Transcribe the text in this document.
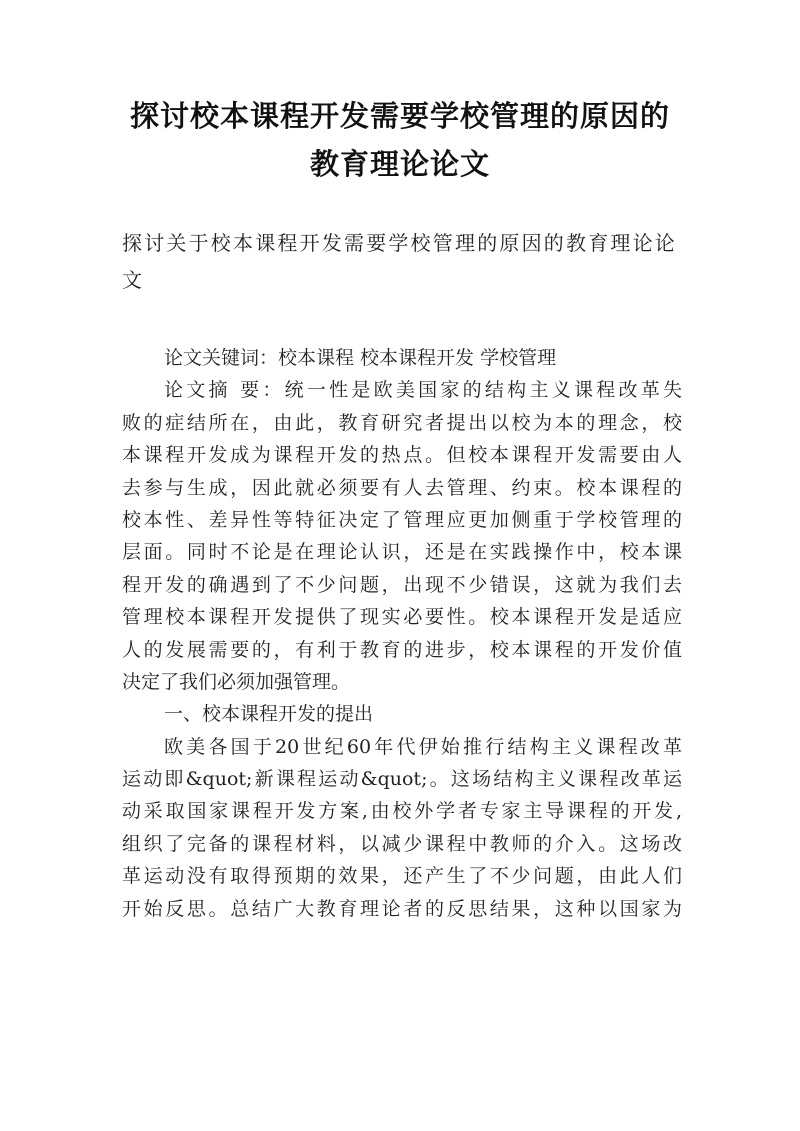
探讨校本课程开发需要学校管理的原因的
教育理论论文

探讨关于校本课程开发需要学校管理的原因的教育理论论
文

论文关键词：校本课程 校本课程开发 学校管理
论文摘 要：统一性是欧美国家的结构主义课程改革失
败的症结所在，由此，教育研究者提出以校为本的理念，校
本课程开发成为课程开发的热点。但校本课程开发需要由人
去参与生成，因此就必须要有人去管理、约束。校本课程的
校本性、差异性等特征决定了管理应更加侧重于学校管理的
层面。同时不论是在理论认识，还是在实践操作中，校本课
程开发的确遇到了不少问题，出现不少错误，这就为我们去
管理校本课程开发提供了现实必要性。校本课程开发是适应
人的发展需要的，有利于教育的进步，校本课程的开发价值
决定了我们必须加强管理。
一、校本课程开发的提出
欧美各国于20世纪60年代伊始推行结构主义课程改革
运动即&quot;新课程运动&quot;。这场结构主义课程改革运
动采取国家课程开发方案,由校外学者专家主导课程的开发,
组织了完备的课程材料，以减少课程中教师的介入。这场改
革运动没有取得预期的效果，还产生了不少问题，由此人们
开始反思。总结广大教育理论者的反思结果，这种以国家为
